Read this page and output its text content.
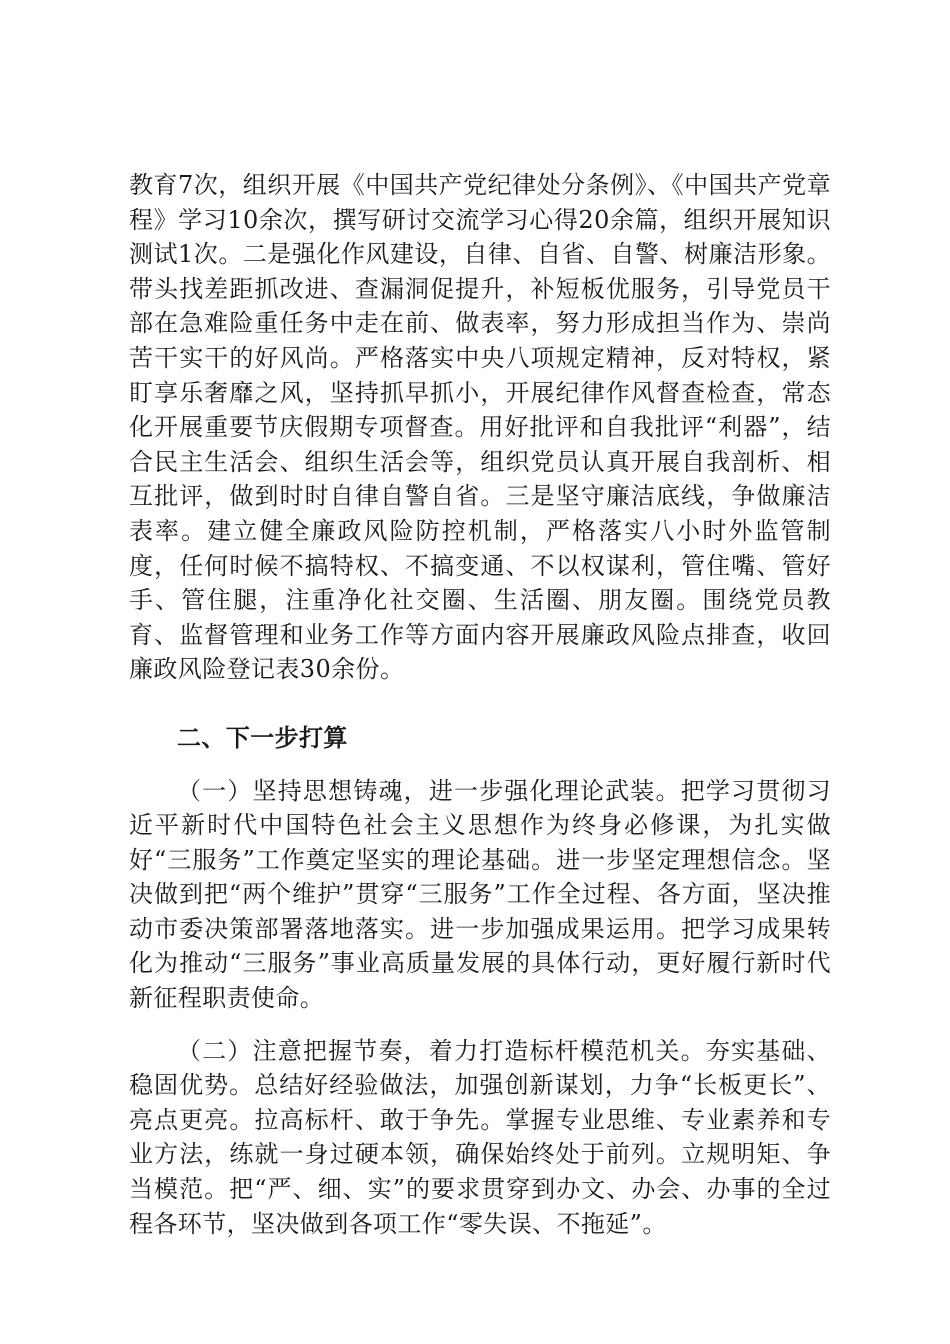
教育7次，组织开展《中国共产党纪律处分条例》、《中国共产党章程》学习10余次，撰写研讨交流学习心得20余篇，组织开展知识测试1次。二是强化作风建设，自律、自省、自警、树廉洁形象。带头找差距抓改进、查漏洞促提升，补短板优服务，引导党员干部在急难险重任务中走在前、做表率，努力形成担当作为、崇尚苦干实干的好风尚。严格落实中央八项规定精神，反对特权，紧盯享乐奢靡之风，坚持抓早抓小，开展纪律作风督查检查，常态化开展重要节庆假期专项督查。用好批评和自我批评“利器”，结合民主生活会、组织生活会等，组织党员认真开展自我剖析、相互批评，做到时时自律自警自省。三是坚守廉洁底线，争做廉洁表率。建立健全廉政风险防控机制，严格落实八小时外监管制度，任何时候不搞特权、不搞变通、不以权谋利，管住嘴、管好手、管住腿，注重净化社交圈、生活圈、朋友圈。围绕党员教育、监督管理和业务工作等方面内容开展廉政风险点排查，收回廉政风险登记表30余份。

二、下一步打算

（一）坚持思想铸魂，进一步强化理论武装。把学习贯彻习近平新时代中国特色社会主义思想作为终身必修课，为扎实做好“三服务”工作奠定坚实的理论基础。进一步坚定理想信念。坚决做到把“两个维护”贯穿“三服务”工作全过程、各方面，坚决推动市委决策部署落地落实。进一步加强成果运用。把学习成果转化为推动“三服务”事业高质量发展的具体行动，更好履行新时代新征程职责使命。

（二）注意把握节奏，着力打造标杆模范机关。夯实基础、稳固优势。总结好经验做法，加强创新谋划，力争“长板更长”、亮点更亮。拉高标杆、敢于争先。掌握专业思维、专业素养和专业方法，练就一身过硬本领，确保始终处于前列。立规明矩、争当模范。把“严、细、实”的要求贯穿到办文、办会、办事的全过程各环节，坚决做到各项工作“零失误、不拖延”。
